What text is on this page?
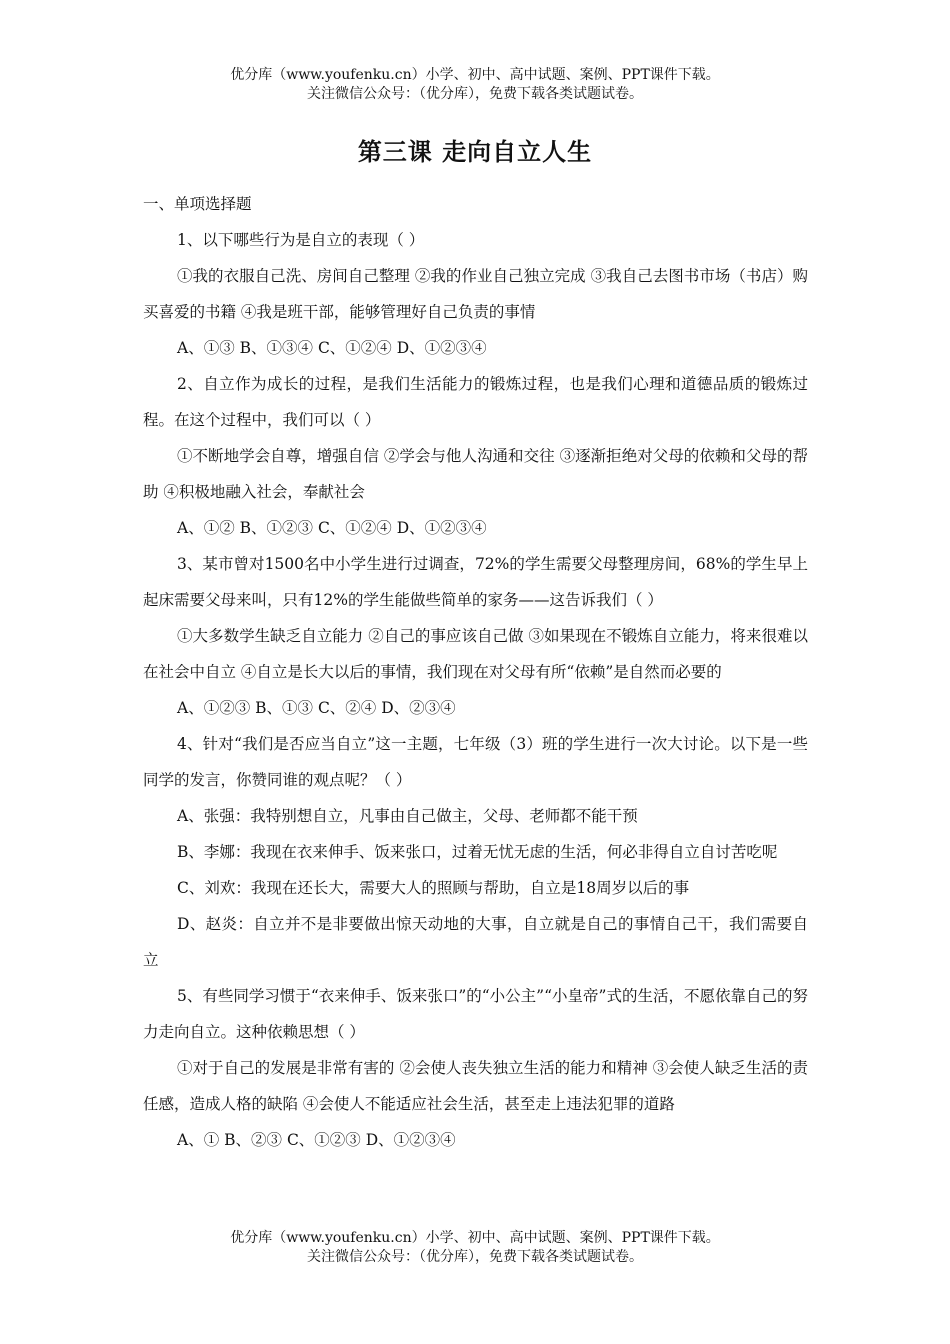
优分库（www.youfenku.cn）小学、初中、高中试题、案例、PPT课件下载。
关注微信公众号：（优分库），免费下载各类试题试卷。
第三课 走向自立人生

一、单项选择题

1、以下哪些行为是自立的表现（ ）

①我的衣服自己洗、房间自己整理 ②我的作业自己独立完成 ③我自己去图书市场（书店）购买喜爱的书籍 ④我是班干部，能够管理好自己负责的事情

A、①③ B、①③④ C、①②④ D、①②③④

2、自立作为成长的过程，是我们生活能力的锻炼过程，也是我们心理和道德品质的锻炼过程。在这个过程中，我们可以（ ）

①不断地学会自尊，增强自信 ②学会与他人沟通和交往 ③逐渐拒绝对父母的依赖和父母的帮助 ④积极地融入社会，奉献社会

A、①② B、①②③ C、①②④ D、①②③④

3、某市曾对1500名中小学生进行过调查，72%的学生需要父母整理房间，68%的学生早上起床需要父母来叫，只有12%的学生能做些简单的家务——这告诉我们（ ）

①大多数学生缺乏自立能力 ②自己的事应该自己做 ③如果现在不锻炼自立能力，将来很难以在社会中自立 ④自立是长大以后的事情，我们现在对父母有所“依赖”是自然而必要的

A、①②③ B、①③ C、②④ D、②③④

4、针对“我们是否应当自立”这一主题，七年级（3）班的学生进行一次大讨论。以下是一些同学的发言，你赞同谁的观点呢？（ ）

A、张强：我特别想自立，凡事由自己做主，父母、老师都不能干预

B、李娜：我现在衣来伸手、饭来张口，过着无忧无虑的生活，何必非得自立自讨苦吃呢

C、刘欢：我现在还长大，需要大人的照顾与帮助，自立是18周岁以后的事

D、赵炎：自立并不是非要做出惊天动地的大事，自立就是自己的事情自己干，我们需要自立

5、有些同学习惯于“衣来伸手、饭来张口”的“小公主”“小皇帝”式的生活，不愿依靠自己的努力走向自立。这种依赖思想（ ）

①对于自己的发展是非常有害的 ②会使人丧失独立生活的能力和精神 ③会使人缺乏生活的责任感，造成人格的缺陷 ④会使人不能适应社会生活，甚至走上违法犯罪的道路

A、① B、②③ C、①②③ D、①②③④

优分库（www.youfenku.cn）小学、初中、高中试题、案例、PPT课件下载。
关注微信公众号：（优分库），免费下载各类试题试卷。
